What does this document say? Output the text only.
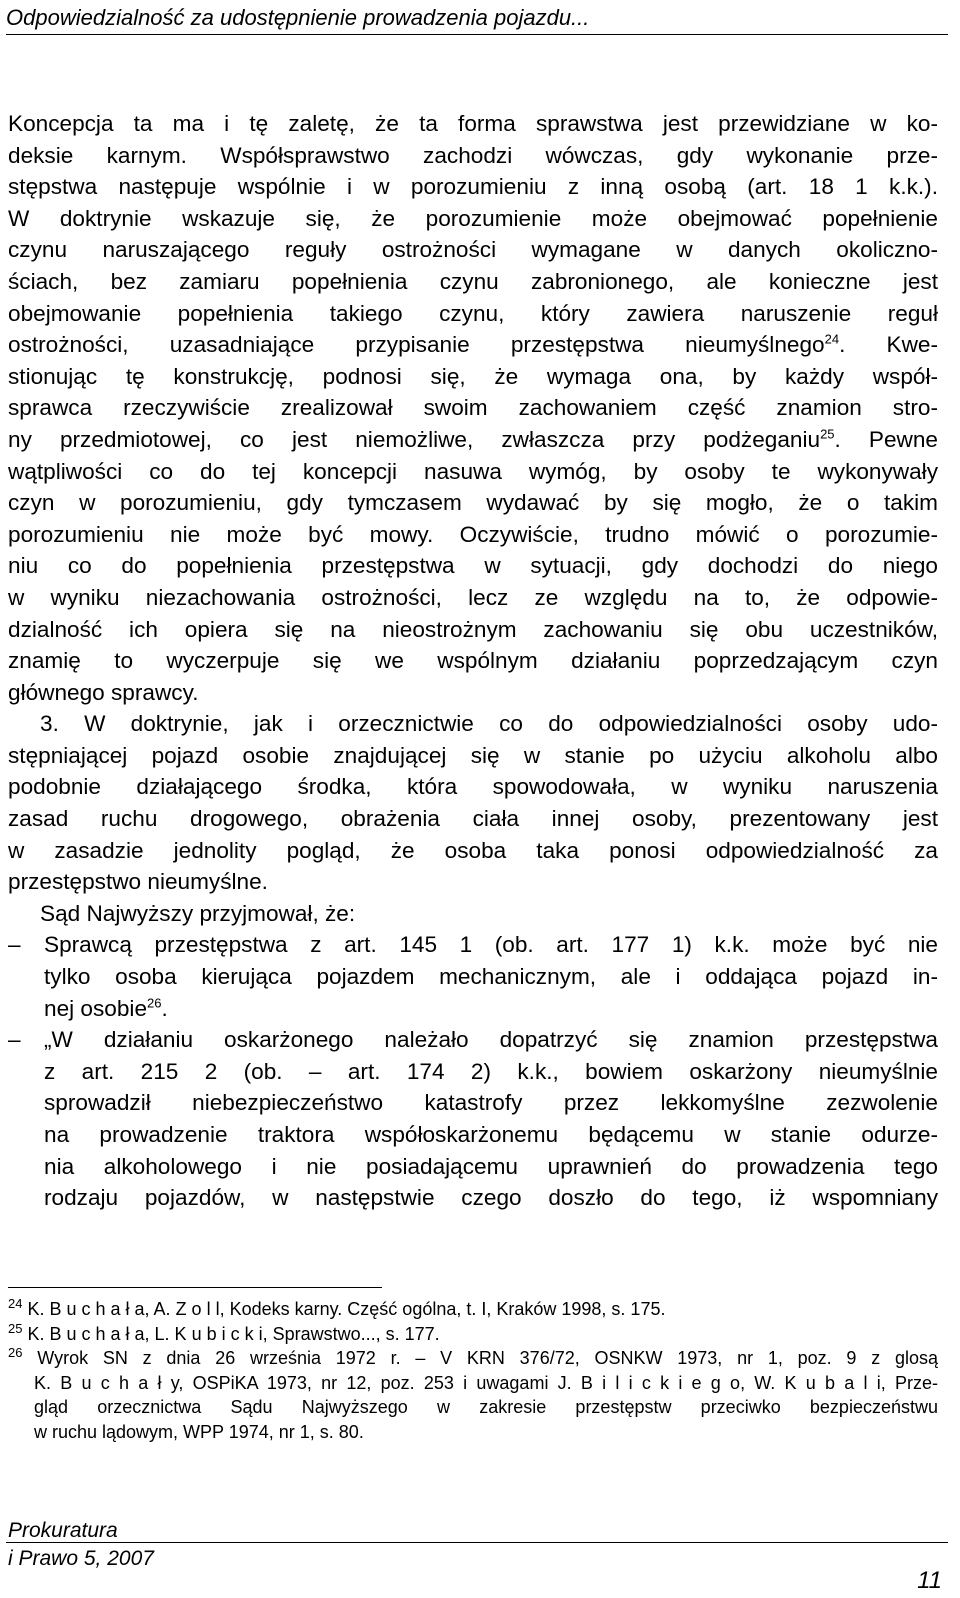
Odpowiedzialność za udostępnienie prowadzenia pojazdu...
Koncepcja ta ma i tę zaletę, że ta forma sprawstwa jest przewidziane w ko-
deksie karnym. Współsprawstwo zachodzi wówczas, gdy wykonanie prze-
stępstwa następuje wspólnie i w porozumieniu z inną osobą (art. 18 1 k.k.).
W doktrynie wskazuje się, że porozumienie może obejmować popełnienie
czynu naruszającego reguły ostrożności wymagane w danych okoliczno-
ściach, bez zamiaru popełnienia czynu zabronionego, ale konieczne jest
obejmowanie popełnienia takiego czynu, który zawiera naruszenie reguł
ostrożności, uzasadniające przypisanie przestępstwa nieumyślnego$^{24}$. Kwe-
stionując tę konstrukcję, podnosi się, że wymaga ona, by każdy współ-
sprawca rzeczywiście zrealizował swoim zachowaniem część znamion stro-
ny przedmiotowej, co jest niemożliwe, zwłaszcza przy podżeganiu$^{25}$. Pewne
wątpliwości co do tej koncepcji nasuwa wymóg, by osoby te wykonywały
czyn w porozumieniu, gdy tymczasem wydawać by się mogło, że o takim
porozumieniu nie może być mowy. Oczywiście, trudno mówić o porozumie-
niu co do popełnienia przestępstwa w sytuacji, gdy dochodzi do niego
w wyniku niezachowania ostrożności, lecz ze względu na to, że odpowie-
dzialność ich opiera się na nieostrożnym zachowaniu się obu uczestników,
znamię to wyczerpuje się we wspólnym działaniu poprzedzającym czyn
głównego sprawcy.
3. W doktrynie, jak i orzecznictwie co do odpowiedzialności osoby udo-
stępniającej pojazd osobie znajdującej się w stanie po użyciu alkoholu albo
podobnie działającego środka, która spowodowała, w wyniku naruszenia
zasad ruchu drogowego, obrażenia ciała innej osoby, prezentowany jest
w zasadzie jednolity pogląd, że osoba taka ponosi odpowiedzialność za
przestępstwo nieumyślne.
Sąd Najwyższy przyjmował, że:
– Sprawcą przestępstwa z art. 145 1 (ob. art. 177 1) k.k. może być nie
tylko osoba kierująca pojazdem mechanicznym, ale i oddająca pojazd in-
nej osobie$^{26}$.
– „W działaniu oskarżonego należało dopatrzyć się znamion przestępstwa
z art. 215 2 (ob. – art. 174 2) k.k., bowiem oskarżony nieumyślnie
sprowadził niebezpieczeństwo katastrofy przez lekkomyślne zezwolenie
na prowadzenie traktora współoskarżonemu będącemu w stanie odurze-
nia alkoholowego i nie posiadającemu uprawnień do prowadzenia tego
rodzaju pojazdów, w następstwie czego doszło do tego, iż wspomniany
$^{24}$ K. B u c h a ł a, A. Z o l l, Kodeks karny. Część ogólna, t. I, Kraków 1998, s. 175.
$^{25}$ K. B u c h a ł a, L. K u b i c k i, Sprawstwo..., s. 177.
$^{26}$ Wyrok SN z dnia 26 września 1972 r. – V KRN 376/72, OSNKW 1973, nr 1, poz. 9 z glosą
K. B u c h a ł y, OSPiKA 1973, nr 12, poz. 253 i uwagami J. B i l i c k i e g o, W. K u b a l i, Prze-
gląd orzecznictwa Sądu Najwyższego w zakresie przestępstw przeciwko bezpieczeństwu
w ruchu lądowym, WPP 1974, nr 1, s. 80.
Prokuratura
i Prawo 5, 2007
11
